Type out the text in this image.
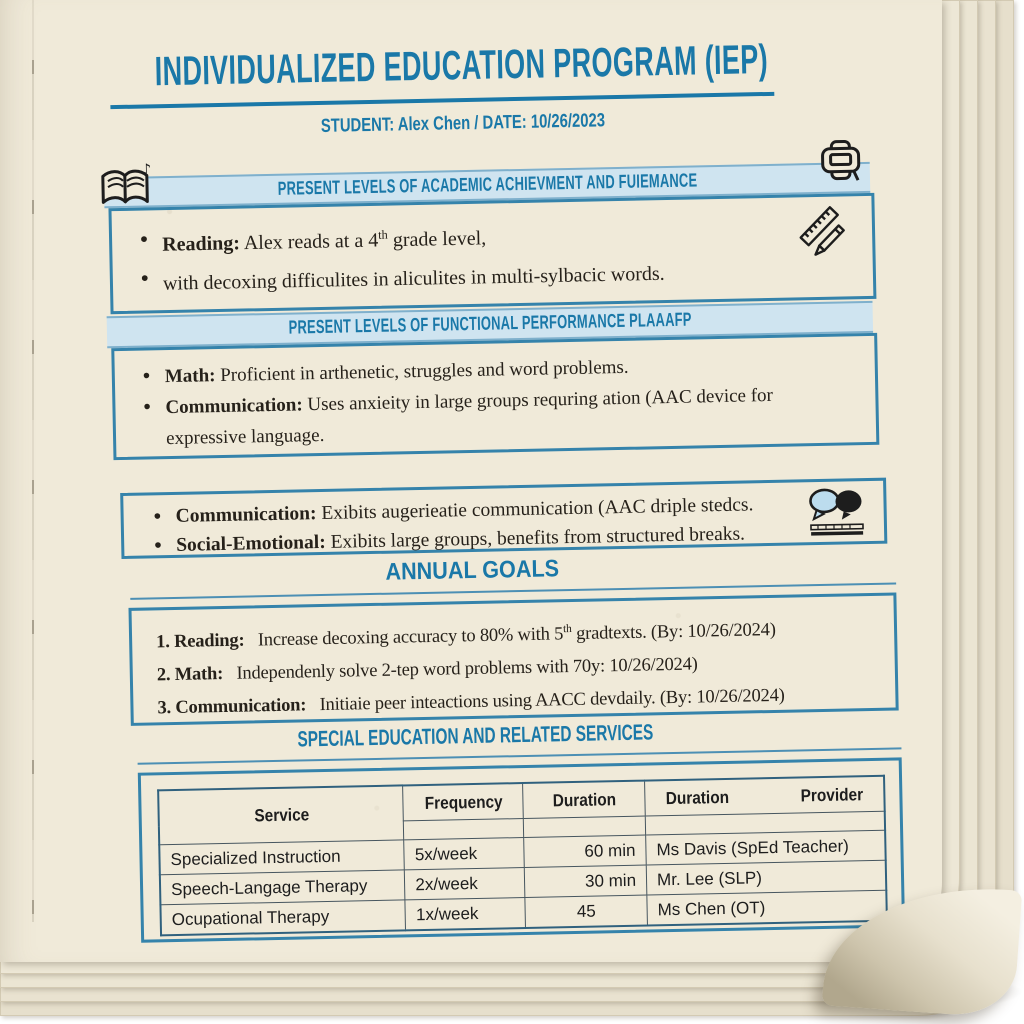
INDIVIDUALIZED EDUCATION PROGRAM (IEP)
STUDENT: Alex Chen / DATE: 10/26/2023
PRESENT LEVELS OF ACADEMIC ACHIEVMENT AND FUIEMANCE
♪
• Reading: Alex reads at a 4th grade level,
• with decoxing difficulites in aliculites in multi-sylbacic words.
PRESENT LEVELS OF FUNCTIONAL PERFORMANCE PLAAAFP
• Math: Proficient in arthenetic, struggles and word problems.
• Communication: Uses anxieity in large groups requring ation (AAC device for expressive language.
• Communication: Exibits augerieatie communication (AAC driple stedcs.
• Social-Emotional: Exibits large groups, benefits from structured breaks.
ANNUAL GOALS
1. Reading: Increase decoxing accuracy to 80% with 5th gradtexts. (By: 10/26/2024)
2. Math: Independenly solve 2-tep word problems with 70y: 10/26/2024)
3. Communication: Initiaie peer inteactions using AACC devdaily. (By: 10/26/2024)
SPECIAL EDUCATION AND RELATED SERVICES
Service	Frequency	Duration	Duration Provider

Specialized Instruction	5x/week	60 min	Ms Davis (SpEd Teacher)
Speech-Langage Therapy	2x/week	30 min	Mr. Lee (SLP)
Ocupational Therapy	1x/week	45	Ms Chen (OT)
